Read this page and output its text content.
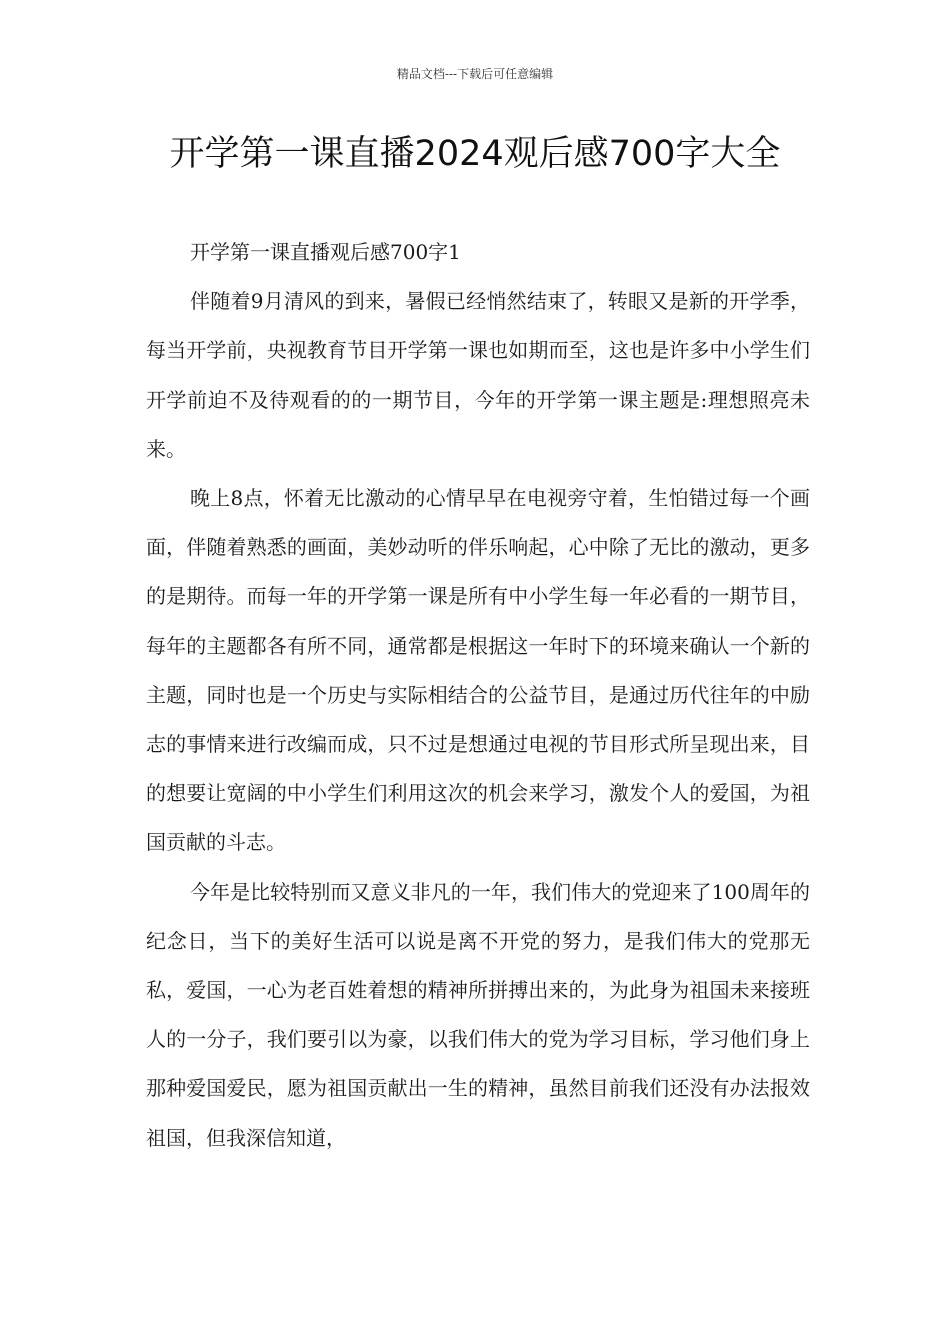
精品文档---下载后可任意编辑
开学第一课直播2024观后感700字大全

开学第一课直播观后感700字1

伴随着9月清风的到来，暑假已经悄然结束了，转眼又是新的开学季，每当开学前，央视教育节目开学第一课也如期而至，这也是许多中小学生们开学前迫不及待观看的的一期节目，今年的开学第一课主题是:理想照亮未来。

晚上8点，怀着无比激动的心情早早在电视旁守着，生怕错过每一个画面，伴随着熟悉的画面，美妙动听的伴乐响起，心中除了无比的激动，更多的是期待。而每一年的开学第一课是所有中小学生每一年必看的一期节目，每年的主题都各有所不同，通常都是根据这一年时下的环境来确认一个新的主题，同时也是一个历史与实际相结合的公益节目，是通过历代往年的中励志的事情来进行改编而成，只不过是想通过电视的节目形式所呈现出来，目的想要让宽阔的中小学生们利用这次的机会来学习，激发个人的爱国，为祖国贡献的斗志。

今年是比较特别而又意义非凡的一年，我们伟大的党迎来了100周年的纪念日，当下的美好生活可以说是离不开党的努力，是我们伟大的党那无私，爱国，一心为老百姓着想的精神所拼搏出来的，为此身为祖国未来接班人的一分子，我们要引以为豪，以我们伟大的党为学习目标，学习他们身上那种爱国爱民，愿为祖国贡献出一生的精神，虽然目前我们还没有办法报效祖国，但我深信知道，
